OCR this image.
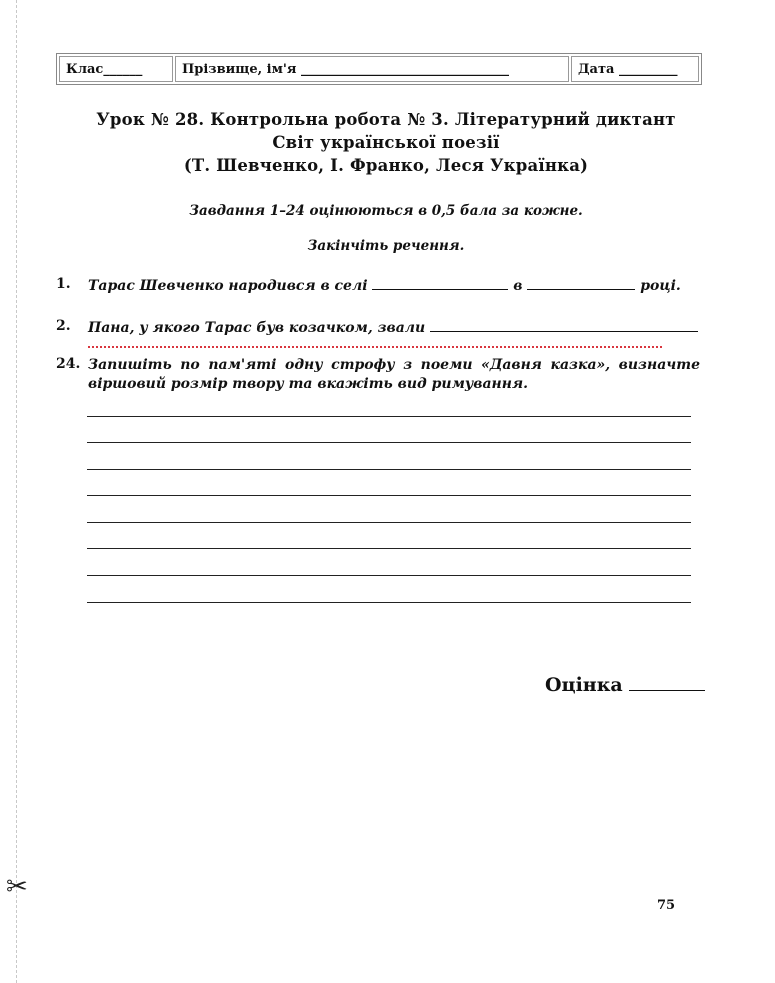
✂
Клас______	Прізвище, ім'я ________________________________	Дата _________
Урок № 28. Контрольна робота № 3. Літературний диктант
Світ української поезії
(Т. Шевченко, І. Франко, Леся Українка)
Завдання 1–24 оцінюються в 0,5 бала за кожне.
Закінчіть речення.
1. Тарас Шевченко народився в селі	в	році.
2. Пана, у якого Тарас був козачком, звали
24. Запишіть по пам'яті одну строфу з поеми «Давня казка», визначте віршовий розмір твору та вкажіть вид римування.
Оцінка
75
